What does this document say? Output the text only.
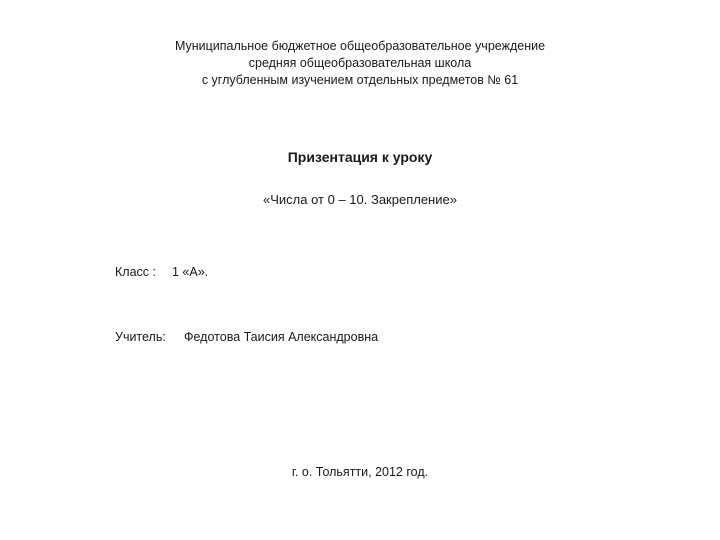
Муниципальное бюджетное общеобразовательное учреждение
средняя общеобразовательная школа
с углубленным изучением отдельных предметов № 61
Призентация к уроку
«Числа от 0 – 10. Закрепление»
Класс : 1 «А».
Учитель: Федотова Таисия Александровна
г. о. Тольятти, 2012 год.
